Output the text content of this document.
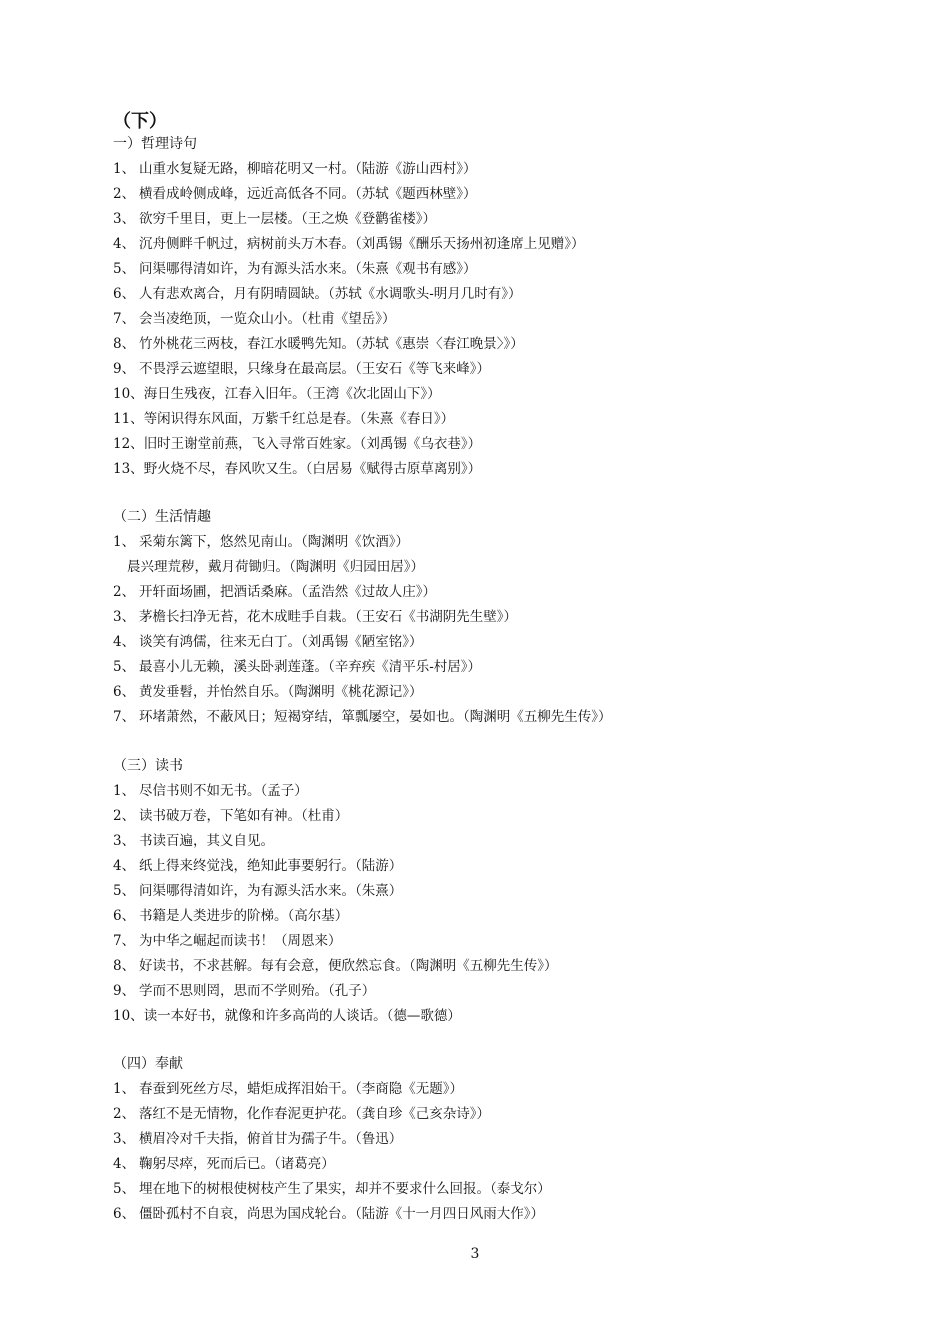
（下）
一）哲理诗句
1、 山重水复疑无路，柳暗花明又一村。（陆游《游山西村》）
2、 横看成岭侧成峰，远近高低各不同。（苏轼《题西林壁》）
3、 欲穷千里目，更上一层楼。（王之焕《登鹳雀楼》）
4、 沉舟侧畔千帆过，病树前头万木春。（刘禹锡《酬乐天扬州初逢席上见赠》）
5、 问渠哪得清如许，为有源头活水来。（朱熹《观书有感》）
6、 人有悲欢离合，月有阴晴圆缺。（苏轼《水调歌头-明月几时有》）
7、 会当凌绝顶，一览众山小。（杜甫《望岳》）
8、 竹外桃花三两枝，春江水暖鸭先知。（苏轼《惠崇〈春江晚景〉》）
9、 不畏浮云遮望眼，只缘身在最高层。（王安石《等飞来峰》）
10、海日生残夜，江春入旧年。（王湾《次北固山下》）
11、等闲识得东风面，万紫千红总是春。（朱熹《春日》）
12、旧时王谢堂前燕，飞入寻常百姓家。（刘禹锡《乌衣巷》）
13、野火烧不尽，春风吹又生。（白居易《赋得古原草离别》）
（二）生活情趣
1、 采菊东篱下，悠然见南山。（陶渊明《饮酒》）
晨兴理荒秽，戴月荷锄归。（陶渊明《归园田居》）
2、 开轩面场圃，把酒话桑麻。（孟浩然《过故人庄》）
3、 茅檐长扫净无苔，花木成畦手自栽。（王安石《书湖阴先生壁》）
4、 谈笑有鸿儒，往来无白丁。（刘禹锡《陋室铭》）
5、 最喜小儿无赖，溪头卧剥莲蓬。（辛弃疾《清平乐-村居》）
6、 黄发垂髫，并怡然自乐。（陶渊明《桃花源记》）
7、 环堵萧然，不蔽风日；短褐穿结，箪瓢屡空，晏如也。（陶渊明《五柳先生传》）
（三）读书
1、 尽信书则不如无书。（孟子）
2、 读书破万卷，下笔如有神。（杜甫）
3、 书读百遍，其义自见。
4、 纸上得来终觉浅，绝知此事要躬行。（陆游）
5、 问渠哪得清如许，为有源头活水来。（朱熹）
6、 书籍是人类进步的阶梯。（高尔基）
7、 为中华之崛起而读书！（周恩来）
8、 好读书，不求甚解。每有会意，便欣然忘食。（陶渊明《五柳先生传》）
9、 学而不思则罔，思而不学则殆。（孔子）
10、读一本好书，就像和许多高尚的人谈话。（德—歌德）
（四）奉献
1、 春蚕到死丝方尽，蜡炬成挥泪始干。（李商隐《无题》）
2、 落红不是无情物，化作春泥更护花。（龚自珍《己亥杂诗》）
3、 横眉冷对千夫指，俯首甘为孺子牛。（鲁迅）
4、 鞠躬尽瘁，死而后已。（诸葛亮）
5、 埋在地下的树根使树枝产生了果实，却并不要求什么回报。（泰戈尔）
6、 僵卧孤村不自哀，尚思为国戍轮台。（陆游《十一月四日风雨大作》）
3
